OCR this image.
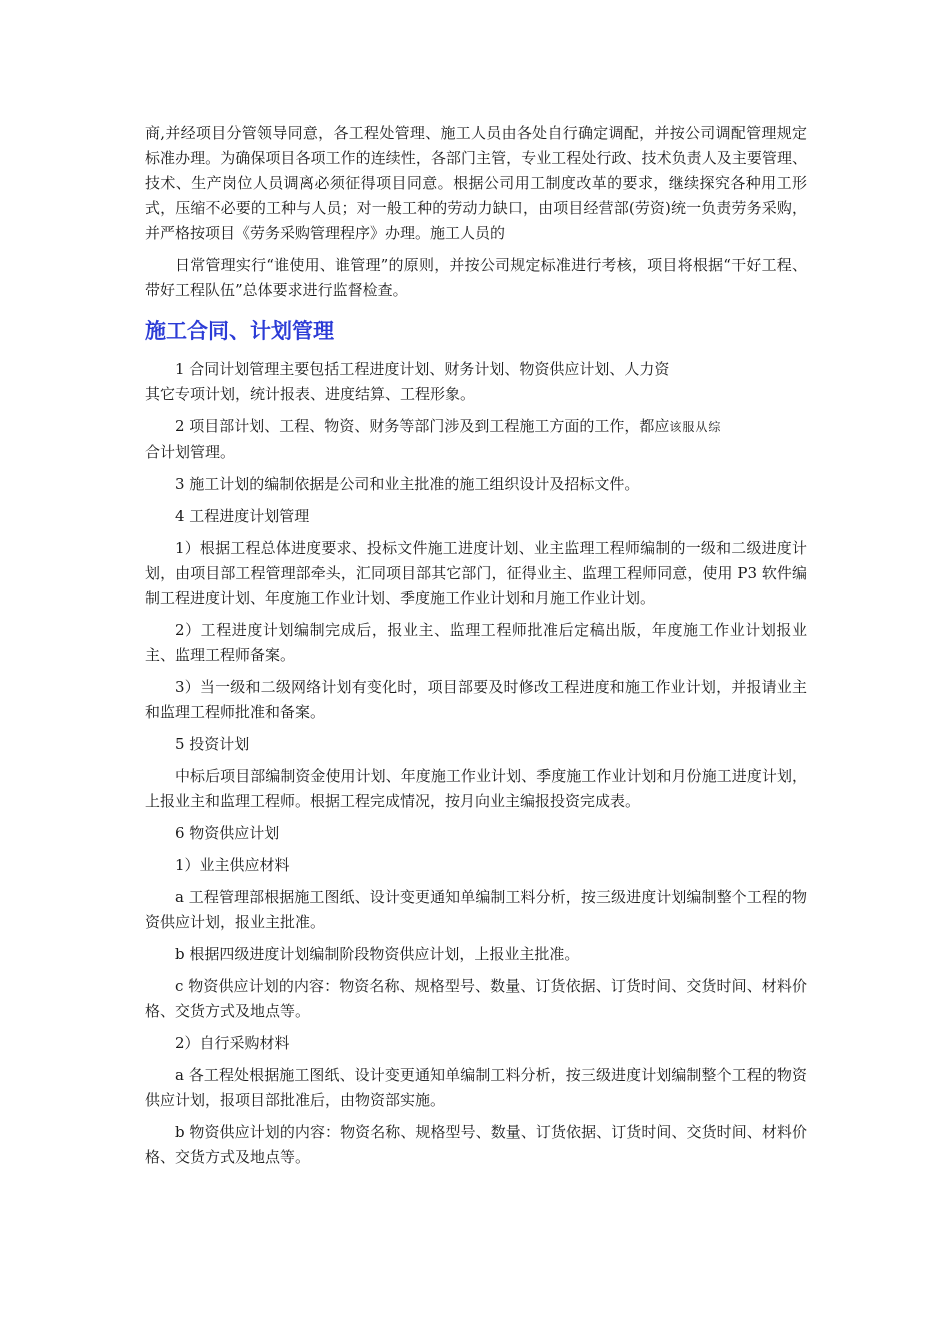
商,并经项目分管领导同意，各工程处管理、施工人员由各处自行确定调配，并按公司调配管理规定标准办理。为确保项目各项工作的连续性，各部门主管，专业工程处行政、技术负责人及主要管理、技术、生产岗位人员调离必须征得项目同意。根据公司用工制度改革的要求，继续探究各种用工形式，压缩不必要的工种与人员；对一般工种的劳动力缺口，由项目经营部(劳资)统一负责劳务采购，并严格按项目《劳务采购管理程序》办理。施工人员的

日常管理实行“谁使用、谁管理”的原则，并按公司规定标准进行考核，项目将根据“干好工程、带好工程队伍”总体要求进行监督检查。

施工合同、计划管理

1 合同计划管理主要包括工程进度计划、财务计划、物资供应计划、人力资

其它专项计划，统计报表、进度结算、工程形象。

2 项目部计划、工程、物资、财务等部门涉及到工程施工方面的工作，都应该服从综

合计划管理。

3 施工计划的编制依据是公司和业主批准的施工组织设计及招标文件。

4 工程进度计划管理

1）根据工程总体进度要求、投标文件施工进度计划、业主监理工程师编制的一级和二级进度计划，由项目部工程管理部牵头，汇同项目部其它部门，征得业主、监理工程师同意，使用 P3 软件编制工程进度计划、年度施工作业计划、季度施工作业计划和月施工作业计划。

2）工程进度计划编制完成后，报业主、监理工程师批准后定稿出版，年度施工作业计划报业主、监理工程师备案。

3）当一级和二级网络计划有变化时，项目部要及时修改工程进度和施工作业计划，并报请业主和监理工程师批准和备案。

5 投资计划

中标后项目部编制资金使用计划、年度施工作业计划、季度施工作业计划和月份施工进度计划，上报业主和监理工程师。根据工程完成情况，按月向业主编报投资完成表。

6 物资供应计划

1）业主供应材料

a 工程管理部根据施工图纸、设计变更通知单编制工料分析，按三级进度计划编制整个工程的物资供应计划，报业主批准。

b 根据四级进度计划编制阶段物资供应计划，上报业主批准。

c 物资供应计划的内容：物资名称、规格型号、数量、订货依据、订货时间、交货时间、材料价格、交货方式及地点等。

2）自行采购材料

a 各工程处根据施工图纸、设计变更通知单编制工料分析，按三级进度计划编制整个工程的物资供应计划，报项目部批准后，由物资部实施。

b 物资供应计划的内容：物资名称、规格型号、数量、订货依据、订货时间、交货时间、材料价格、交货方式及地点等。
